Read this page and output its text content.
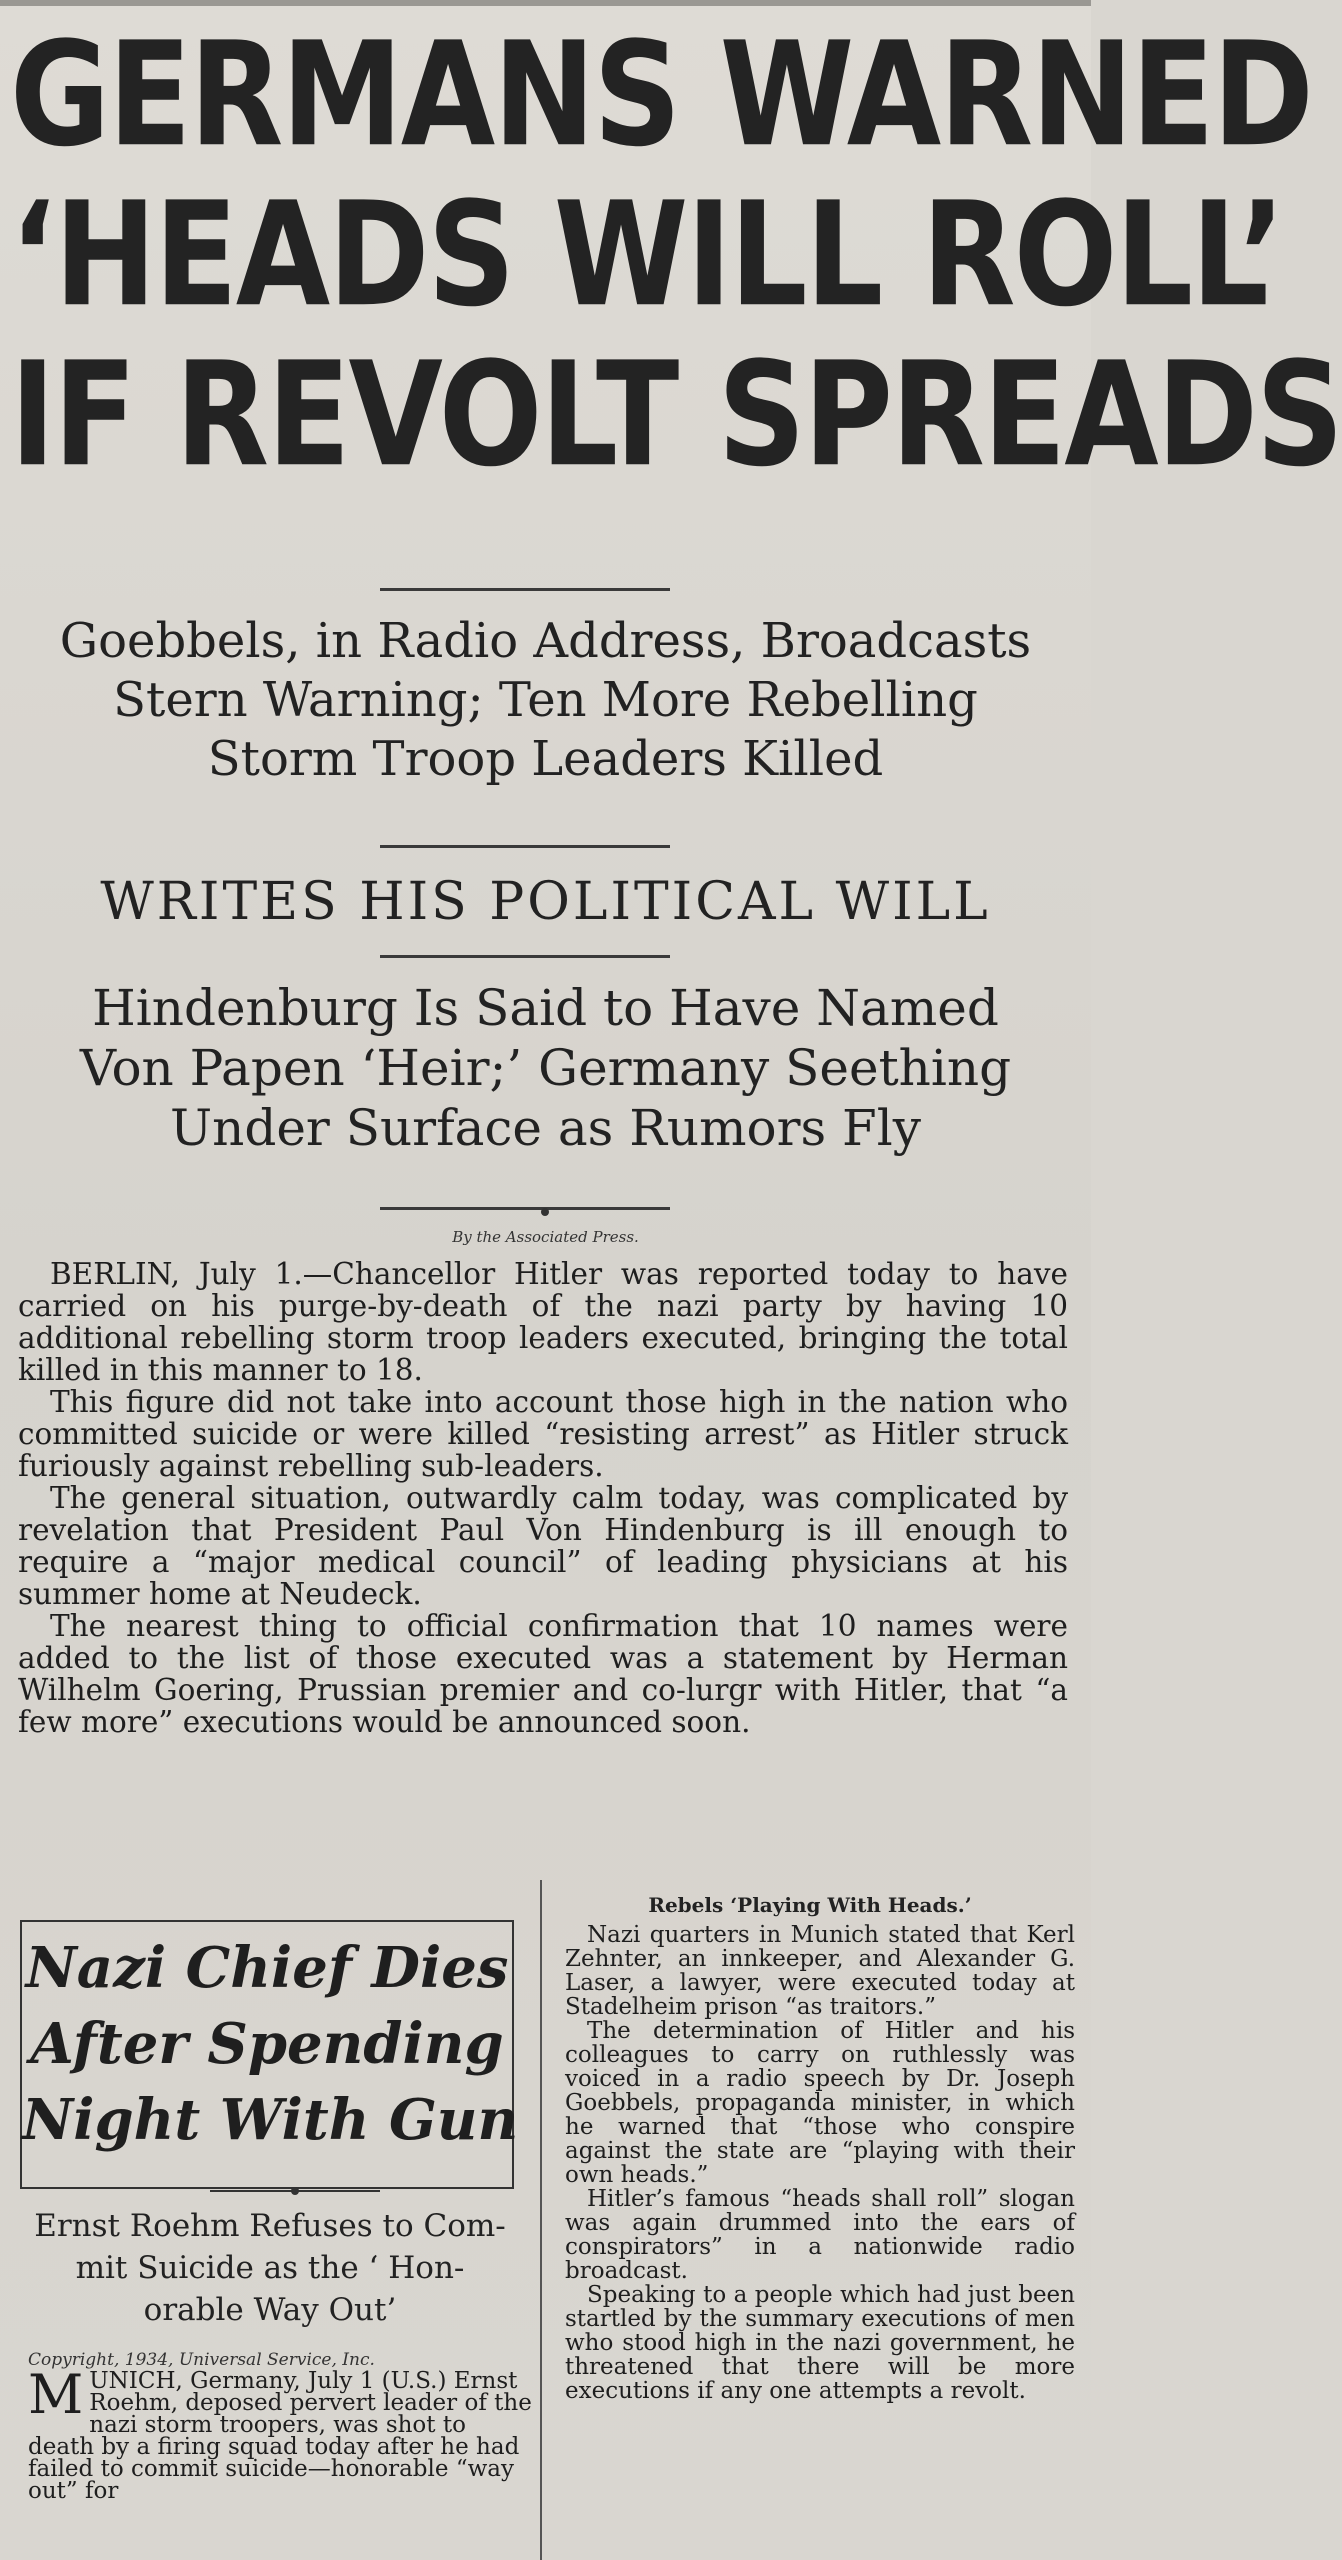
GERMANS WARNED
‘HEADS WILL ROLL’
IF REVOLT SPREADS
Goebbels, in Radio Address, Broadcasts
Stern Warning; Ten More Rebelling
Storm Troop Leaders Killed
WRITES HIS POLITICAL WILL
Hindenburg Is Said to Have Named
Von Papen ‘Heir;’ Germany Seething
Under Surface as Rumors Fly
By the Associated Press.

BERLIN, July 1.—Chancellor Hitler was reported today to have carried on his purge-by-death of the nazi party by having 10 additional rebelling storm troop leaders executed, bringing the total killed in this manner to 18.

This figure did not take into account those high in the nation who committed suicide or were killed “resisting arrest” as Hitler struck furiously against rebelling sub-leaders.

The general situation, outwardly calm today, was complicated by revelation that President Paul Von Hindenburg is ill enough to require a “major medical council” of leading physicians at his summer home at Neudeck.

The nearest thing to official confirmation that 10 names were added to the list of those executed was a statement by Herman Wilhelm Goering, Prussian premier and co-lurgr with Hitler, that “a few more” executions would be announced soon.

Nazi Chief Dies
After Spending
Night With Gun
Ernst Roehm Refuses to Com-
mit Suicide as the ‘ Hon-
orable Way Out’
Copyright, 1934, Universal Service, Inc.
M UNICH, Germany, July 1 (U.S.) Ernst Roehm, deposed pervert leader of the nazi storm troopers, was shot to death by a firing squad today after he had failed to commit suicide—honorable “way out” for
Rebels ‘Playing With Heads.’

Nazi quarters in Munich stated that Kerl Zehnter, an innkeeper, and Alexander G. Laser, a lawyer, were executed today at Stadelheim prison “as traitors.”

The determination of Hitler and his colleagues to carry on ruthlessly was voiced in a radio speech by Dr. Joseph Goebbels, propaganda minister, in which he warned that “those who conspire against the state are “playing with their own heads.”

Hitler’s famous “heads shall roll” slogan was again drummed into the ears of conspirators” in a nationwide radio broadcast.

Speaking to a people which had just been startled by the summary executions of men who stood high in the nazi government, he threatened that there will be more executions if any one attempts a revolt.
